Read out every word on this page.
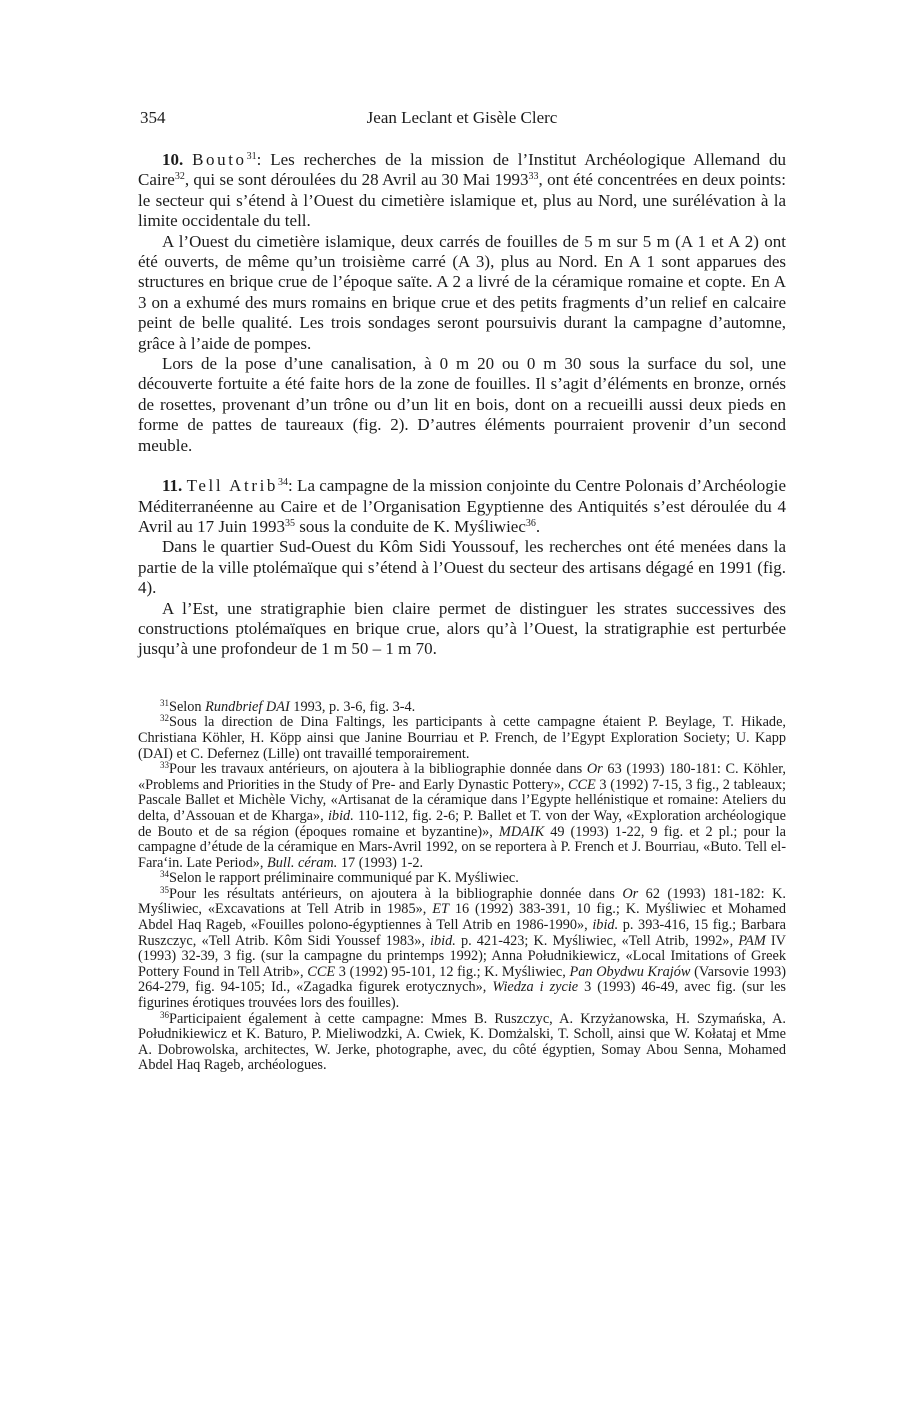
354	Jean Leclant et Gisèle Clerc

10. Bouto$^{31}$: Les recherches de la mission de l’Institut Archéologique Allemand du Caire$^{32}$, qui se sont déroulées du 28 Avril au 30 Mai 1993$^{33}$, ont été concentrées en deux points: le secteur qui s’étend à l’Ouest du cimetière islamique et, plus au Nord, une surélévation à la limite occidentale du tell.

A l’Ouest du cimetière islamique, deux carrés de fouilles de 5 m sur 5 m (A 1 et A 2) ont été ouverts, de même qu’un troisième carré (A 3), plus au Nord. En A 1 sont apparues des structures en brique crue de l’époque saïte. A 2 a livré de la céramique romaine et copte. En A 3 on a exhumé des murs romains en brique crue et des petits fragments d’un relief en calcaire peint de belle qualité. Les trois sondages seront poursuivis durant la campagne d’automne, grâce à l’aide de pompes.

Lors de la pose d’une canalisation, à 0 m 20 ou 0 m 30 sous la surface du sol, une découverte fortuite a été faite hors de la zone de fouilles. Il s’agit d’éléments en bronze, ornés de rosettes, provenant d’un trône ou d’un lit en bois, dont on a recueilli aussi deux pieds en forme de pattes de taureaux (fig. 2). D’autres éléments pourraient provenir d’un second meuble.

11. Tell Atrib$^{34}$: La campagne de la mission conjointe du Centre Polonais d’Archéologie Méditerranéenne au Caire et de l’Organisation Egyptienne des Antiquités s’est déroulée du 4 Avril au 17 Juin 1993$^{35}$ sous la conduite de K. Myśliwiec$^{36}$.

Dans le quartier Sud-Ouest du Kôm Sidi Youssouf, les recherches ont été menées dans la partie de la ville ptolémaïque qui s’étend à l’Ouest du secteur des artisans dégagé en 1991 (fig. 4).

A l’Est, une stratigraphie bien claire permet de distinguer les strates successives des constructions ptolémaïques en brique crue, alors qu’à l’Ouest, la stratigraphie est perturbée jusqu’à une profondeur de 1 m 50 – 1 m 70.

$^{31}$Selon Rundbrief DAI 1993, p. 3-6, fig. 3-4.

$^{32}$Sous la direction de Dina Faltings, les participants à cette campagne étaient P. Beylage, T. Hikade, Christiana Köhler, H. Köpp ainsi que Janine Bourriau et P. French, de l’Egypt Exploration Society; U. Kapp (DAI) et C. Defernez (Lille) ont travaillé temporairement.

$^{33}$Pour les travaux antérieurs, on ajoutera à la bibliographie donnée dans Or 63 (1993) 180-181: C. Köhler, «Problems and Priorities in the Study of Pre- and Early Dynastic Pottery», CCE 3 (1992) 7-15, 3 fig., 2 tableaux; Pascale Ballet et Michèle Vichy, «Artisanat de la céramique dans l’Egypte hellénistique et romaine: Ateliers du delta, d’Assouan et de Kharga», ibid. 110-112, fig. 2-6; P. Ballet et T. von der Way, «Exploration archéologique de Bouto et de sa région (époques romaine et byzantine)», MDAIK 49 (1993) 1-22, 9 fig. et 2 pl.; pour la campagne d’étude de la céramique en Mars-Avril 1992, on se reportera à P. French et J. Bourriau, «Buto. Tell el-Fara‘in. Late Period», Bull. céram. 17 (1993) 1-2.

$^{34}$Selon le rapport préliminaire communiqué par K. Myśliwiec.

$^{35}$Pour les résultats antérieurs, on ajoutera à la bibliographie donnée dans Or 62 (1993) 181-182: K. Myśliwiec, «Excavations at Tell Atrib in 1985», ET 16 (1992) 383-391, 10 fig.; K. Myśliwiec et Mohamed Abdel Haq Rageb, «Fouilles polono-égyptiennes à Tell Atrib en 1986-1990», ibid. p. 393-416, 15 fig.; Barbara Ruszczyc, «Tell Atrib. Kôm Sidi Youssef 1983», ibid. p. 421-423; K. Myśliwiec, «Tell Atrib, 1992», PAM IV (1993) 32-39, 3 fig. (sur la campagne du printemps 1992); Anna Południkiewicz, «Local Imitations of Greek Pottery Found in Tell Atrib», CCE 3 (1992) 95-101, 12 fig.; K. Myśliwiec, Pan Obydwu Krajów (Varsovie 1993) 264-279, fig. 94-105; Id., «Zagadka figurek erotycznych», Wiedza i zycie 3 (1993) 46-49, avec fig. (sur les figurines érotiques trouvées lors des fouilles).

$^{36}$Participaient également à cette campagne: Mmes B. Ruszczyc, A. Krzyżanowska, H. Szymańska, A. Południkiewicz et K. Baturo, P. Mieliwodzki, A. Cwiek, K. Domżalski, T. Scholl, ainsi que W. Kołataj et Mme A. Dobrowolska, architectes, W. Jerke, photographe, avec, du côté égyptien, Somay Abou Senna, Mohamed Abdel Haq Rageb, archéologues.
